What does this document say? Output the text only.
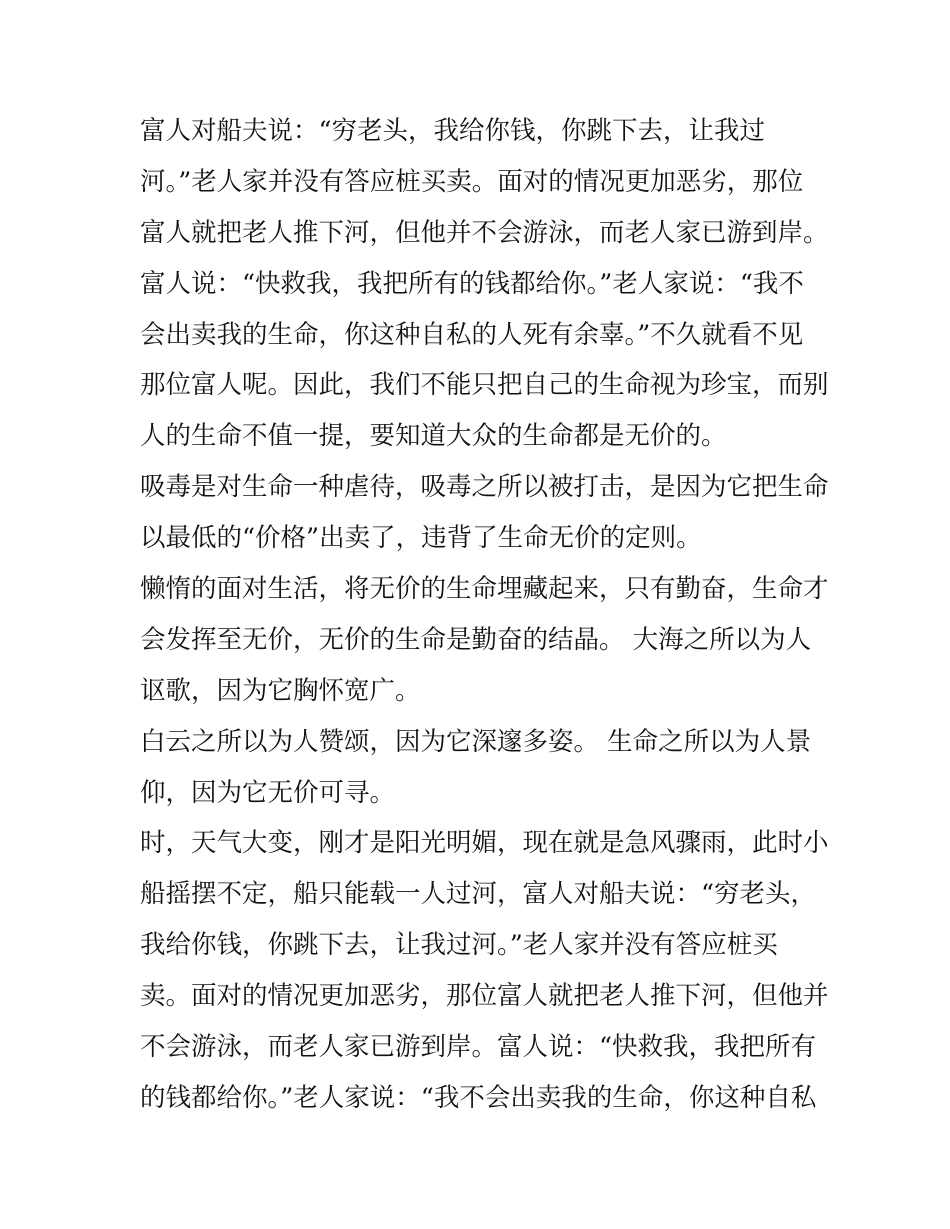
富人对船夫说：“穷老头，我给你钱，你跳下去，让我过
河。”老人家并没有答应桩买卖。面对的情况更加恶劣，那位
富人就把老人推下河，但他并不会游泳，而老人家已游到岸。
富人说：“快救我，我把所有的钱都给你。”老人家说：“我不
会出卖我的生命，你这种自私的人死有余辜。”不久就看不见
那位富人呢。因此，我们不能只把自己的生命视为珍宝，而别
人的生命不值一提，要知道大众的生命都是无价的。
吸毒是对生命一种虐待，吸毒之所以被打击，是因为它把生命
以最低的“价格”出卖了，违背了生命无价的定则。
懒惰的面对生活，将无价的生命埋藏起来，只有勤奋，生命才
会发挥至无价，无价的生命是勤奋的结晶。 大海之所以为人
讴歌，因为它胸怀宽广。
白云之所以为人赞颂，因为它深邃多姿。 生命之所以为人景
仰，因为它无价可寻。
时，天气大变，刚才是阳光明媚，现在就是急风骤雨，此时小
船摇摆不定，船只能载一人过河，富人对船夫说：“穷老头，
我给你钱，你跳下去，让我过河。”老人家并没有答应桩买
卖。面对的情况更加恶劣，那位富人就把老人推下河，但他并
不会游泳，而老人家已游到岸。富人说：“快救我，我把所有
的钱都给你。”老人家说：“我不会出卖我的生命，你这种自私
